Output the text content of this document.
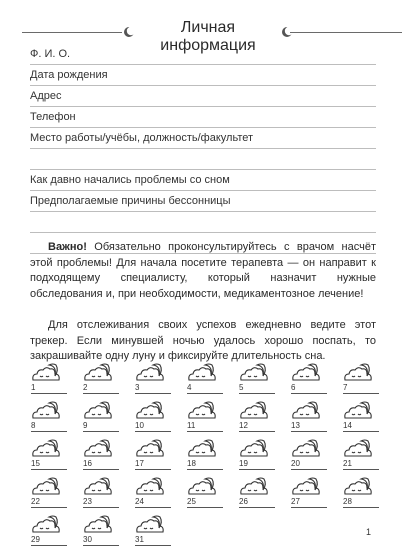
Личная информация
Ф. И. О.
Дата рождения
Адрес
Телефон
Место работы/учёбы, должность/факультет
Как давно начались проблемы со сном
Предполагаемые причины бессонницы
Важно! Обязательно проконсультируйтесь с врачом насчёт этой проблемы! Для начала посетите терапевта — он направит к подходящему специалисту, который назначит нужные обследования и, при необходимости, медикаментозное лечение!
Для отслеживания своих успехов ежедневно ведите этот трекер. Если минувшей ночью удалось хорошо поспать, то закрашивайте одну луну и фиксируйте длительность сна.
1	2	3	4	5	6	7
8	9	10	11	12	13	14
15	16	17	18	19	20	21
22	23	24	25	26	27	28
29	30	31
1
